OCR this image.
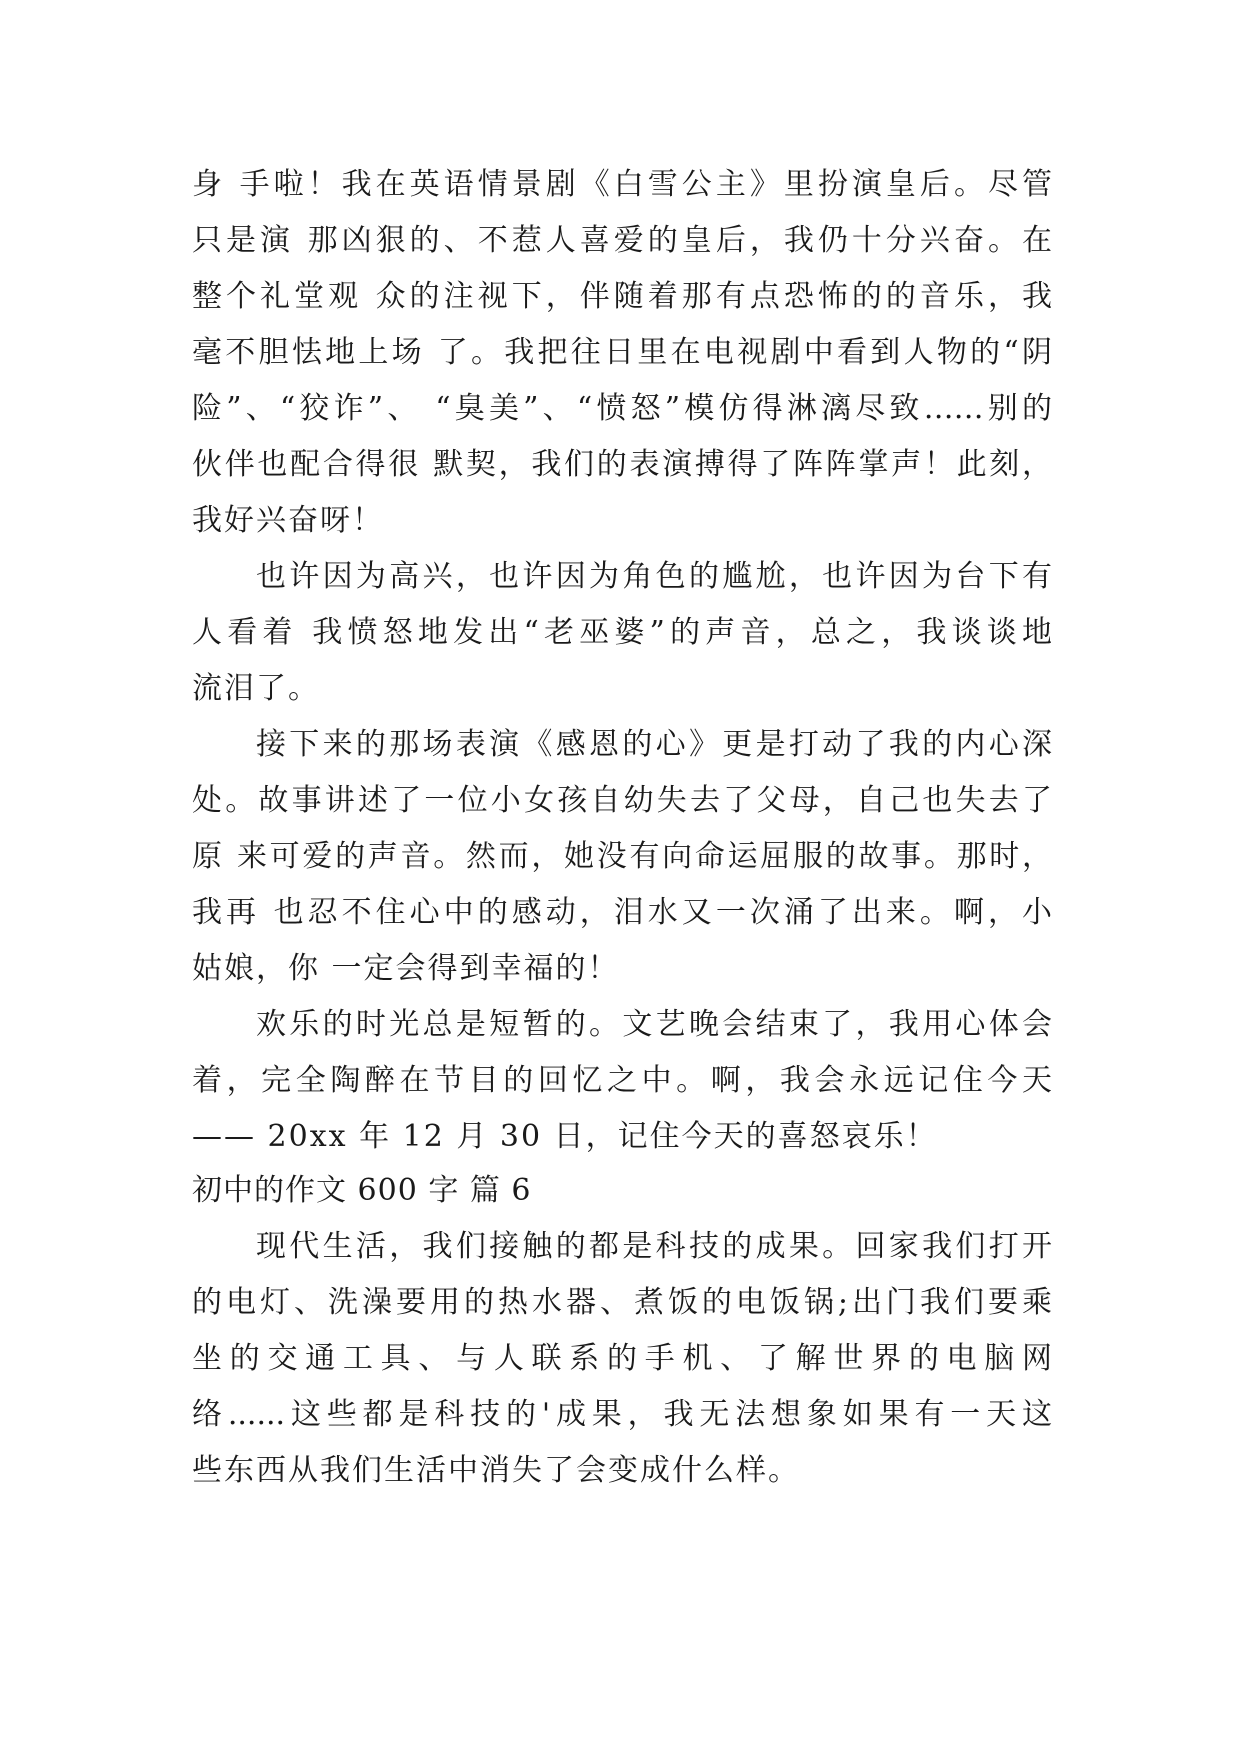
身 手啦！我在英语情景剧《白雪公主》里扮演皇后。尽管
只是演 那凶狠的、不惹人喜爱的皇后，我仍十分兴奋。在
整个礼堂观 众的注视下，伴随着那有点恐怖的的音乐，我
毫不胆怯地上场 了。我把往日里在电视剧中看到人物的“阴
险”、“狡诈”、 “臭美”、“愤怒”模仿得淋漓尽致……别的
伙伴也配合得很 默契，我们的表演搏得了阵阵掌声！此刻，
我好兴奋呀！
也许因为高兴，也许因为角色的尴尬，也许因为台下有
人看着 我愤怒地发出“老巫婆”的声音，总之，我谈谈地
流泪了。
接下来的那场表演《感恩的心》更是打动了我的内心深
处。故事讲述了一位小女孩自幼失去了父母，自己也失去了
原 来可爱的声音。然而，她没有向命运屈服的故事。那时，
我再 也忍不住心中的感动，泪水又一次涌了出来。啊，小
姑娘，你 一定会得到幸福的！
欢乐的时光总是短暂的。文艺晚会结束了，我用心体会
着，完全陶醉在节目的回忆之中。啊，我会永远记住今天
—— 20xx 年 12 月 30 日，记住今天的喜怒哀乐！
初中的作文 600 字 篇 6
现代生活，我们接触的都是科技的成果。回家我们打开
的电灯、洗澡要用的热水器、煮饭的电饭锅;出门我们要乘
坐的交通工具、与人联系的手机、了解世界的电脑网
络......这些都是科技的'成果，我无法想象如果有一天这
些东西从我们生活中消失了会变成什么样。
